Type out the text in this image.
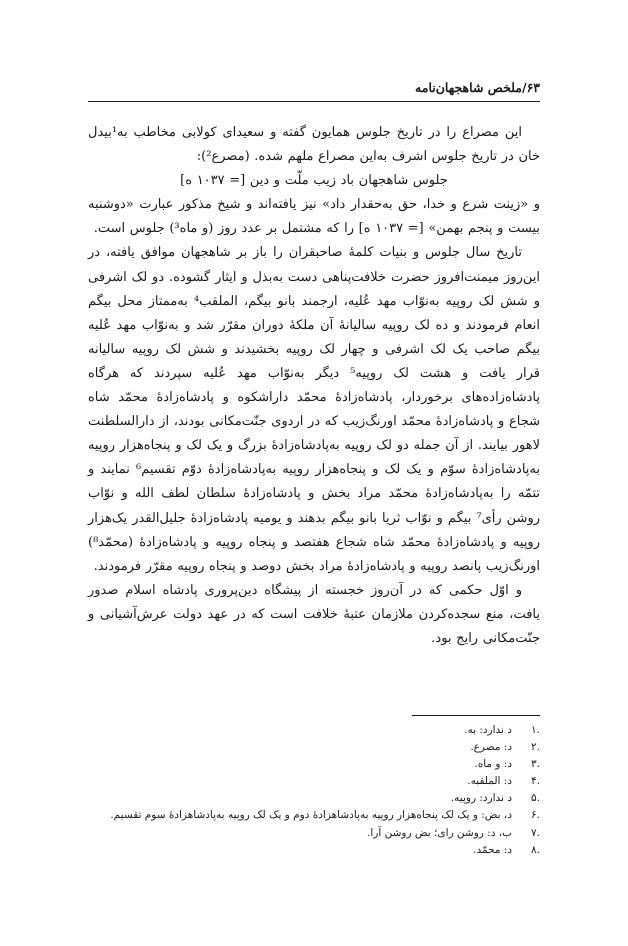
۶۳/ملخص شاهجهان‌نامه

این مصراع را در تاریخ جلوس همایون گفته و سعیدای کولابی مخاطب به¹بیدل خان در تاریخ جلوس اشرف به‌این مصراع ملهم شده. (مصرع²):

جلوس شاهجهان باد زیب ملّت و دین [= ۱۰۳۷ ه]

و «زینت شرع و خدا، حق به‌حقدار داد» نیز یافته‌اند و شیخ مذکور عبارت «دوشنبه بیست و پنجم بهمن» [= ۱۰۳۷ ه] را که مشتمل بر عدد روز (و ماه³) جلوس است.

تاریخ سال جلوس و بنیات کلمهٔ صاحبقران را باز بر شاهجهان موافق یافته، در این‌روز میمنت‌افروز حضرت خلافت‌پناهی دست به‌بذل و ایثار گشوده. دو لک اشرفی و شش لک روپیه به‌نوّاب مهد عُلیه، ارجمند بانو بیگم، الملقب⁴ به‌ممتاز محل بیگم انعام فرمودند و ده لک روپیه سالیانهٔ آن ملکهٔ دوران مقرّر شد و به‌نوّاب مهد عُلیه بیگم صاحب یک لک اشرفی و چهار لک روپیه بخشیدند و شش لک روپیه سالیانه قرار یافت و هشت لک روپیه⁵ دیگر به‌نوّاب مهد عُلیه سپردند که هرگاه پادشاه‌زاده‌های برخوردار، پادشاه‌زادهٔ محمّد داراشکوه و پادشاه‌زادهٔ محمّد شاه شجاع و پادشاه‌زادهٔ محمّد اورنگ‌زیب که در اردوی جنّت‌مکانی بودند، از دارالسلطنت لاهور بیایند. از آن جمله دو لک روپیه به‌پادشاه‌زادهٔ بزرگ و یک لک و پنجاه‌هزار روپیه به‌پادشاه‌زادهٔ سوّم و یک لک و پنجاه‌هزار روپیه به‌پادشاه‌زادهٔ دوّم تقسیم⁶ نمایند و تتمّه را به‌پادشاه‌زادهٔ محمّد مراد بخش و پادشاه‌زادهٔ سلطان لطف الله و نوّاب روشن رأی⁷ بیگم و نوّاب ثریا بانو بیگم بدهند و یومیه پادشاه‌زادهٔ جلیل‌القدر یک‌هزار روپیه و پادشاه‌زادهٔ محمّد شاه شجاع هفتصد و پنجاه روپیه و پادشاه‌زادهٔ (محمّد⁸) اورنگ‌زیب پانصد روپیه و پادشاه‌زادهٔ مراد بخش دوصد و پنجاه روپیه مقرّر فرمودند.

و اوّل حکمی که در آن‌روز خجسته از پیشگاه دین‌پروری پادشاه اسلام صدور یافت، منع سجده‌کردن ملازمان عتبهٔ خلافت است که در عهد دولت عرش‌آشیانی و جنّت‌مکانی رایج بود.

.۱د ندارد: به.
.۲د: مصرع.
.۳د: و ماه.
.۴د: الملقبه.
.۵د ندارد: روپیه.
.۶د، بض: و یک لک پنجاه‌هزار روپیه به‌پادشاهزادهٔ دوم و یک لک روپیه به‌پادشاهزادهٔ سوم تقسیم.
.۷ب، د: روشن رای؛ بض روشن آرا.
.۸د: محمّد.
